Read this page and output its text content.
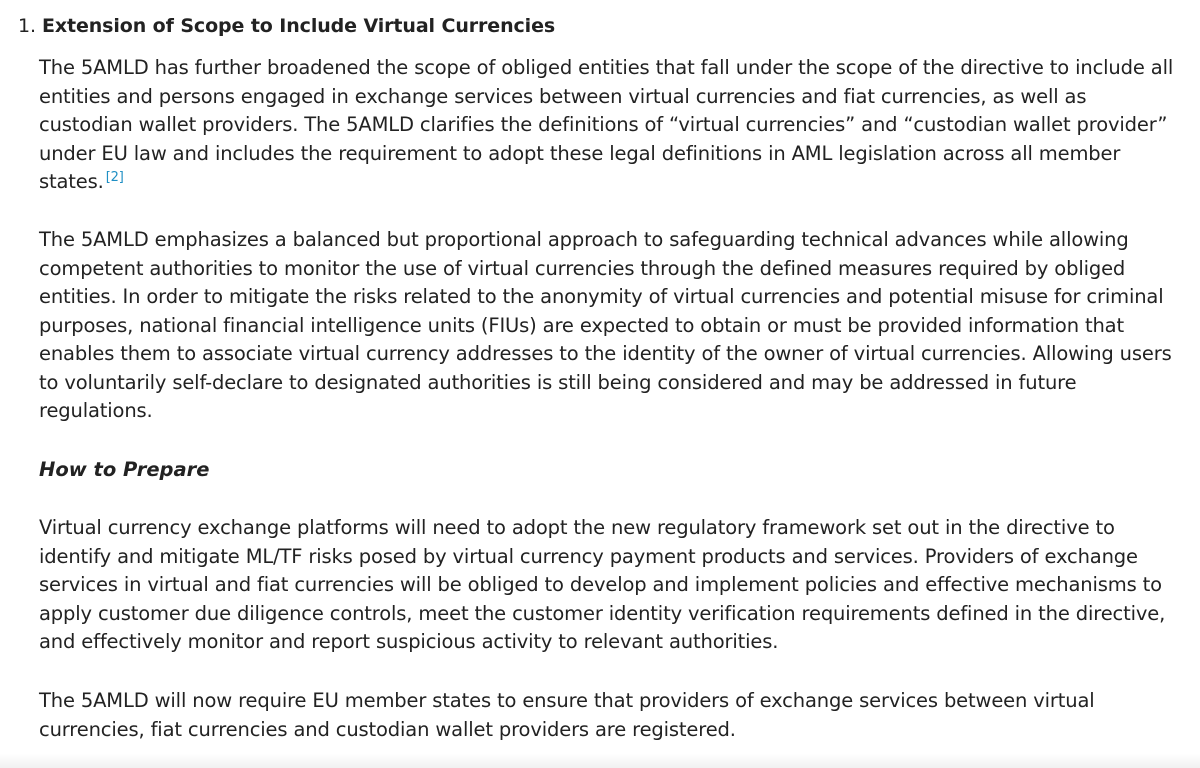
1. Extension of Scope to Include Virtual Currencies

The 5AMLD has further broadened the scope of obliged entities that fall under the scope of the directive to include all entities and persons engaged in exchange services between virtual currencies and fiat currencies, as well as custodian wallet providers. The 5AMLD clarifies the definitions of “virtual currencies” and “custodian wallet provider” under EU law and includes the requirement to adopt these legal definitions in AML legislation across all member states. [2]

The 5AMLD emphasizes a balanced but proportional approach to safeguarding technical advances while allowing competent authorities to monitor the use of virtual currencies through the defined measures required by obliged entities. In order to mitigate the risks related to the anonymity of virtual currencies and potential misuse for criminal purposes, national financial intelligence units (FIUs) are expected to obtain or must be provided information that enables them to associate virtual currency addresses to the identity of the owner of virtual currencies. Allowing users to voluntarily self-declare to designated authorities is still being considered and may be addressed in future regulations.

How to Prepare

Virtual currency exchange platforms will need to adopt the new regulatory framework set out in the directive to identify and mitigate ML/TF risks posed by virtual currency payment products and services. Providers of exchange services in virtual and fiat currencies will be obliged to develop and implement policies and effective mechanisms to apply customer due diligence controls, meet the customer identity verification requirements defined in the directive, and effectively monitor and report suspicious activity to relevant authorities.

The 5AMLD will now require EU member states to ensure that providers of exchange services between virtual currencies, fiat currencies and custodian wallet providers are registered.
